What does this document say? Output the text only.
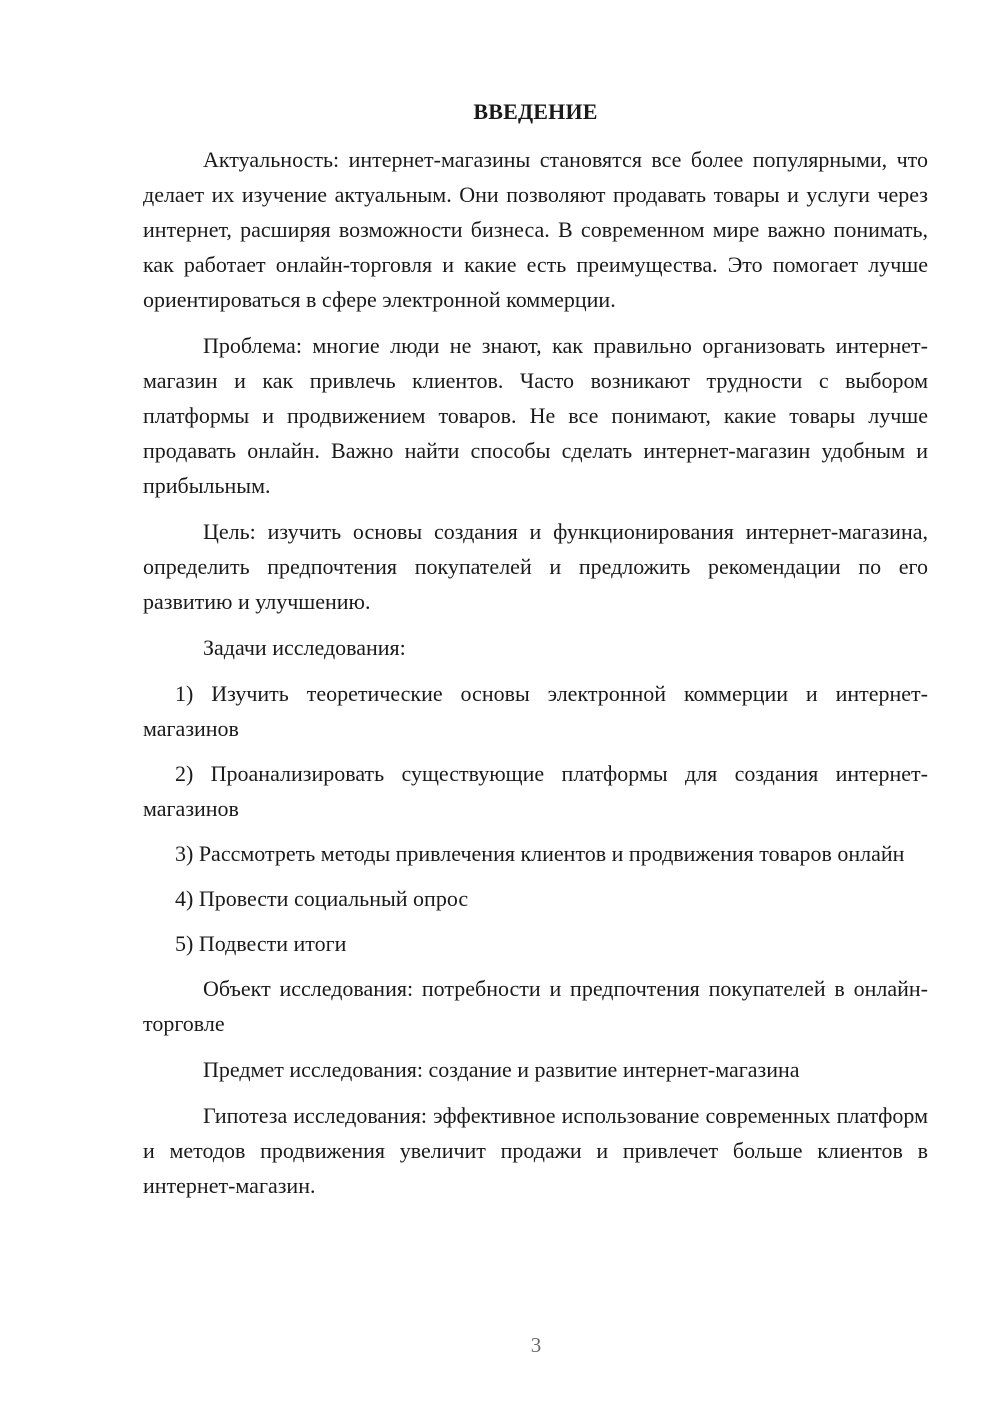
ВВЕДЕНИЕ

Актуальность: интернет-магазины становятся все более популярными, что делает их изучение актуальным. Они позволяют продавать товары и услуги через интернет, расширяя возможности бизнеса. В современном мире важно понимать, как работает онлайн-торговля и какие есть преимущества. Это помогает лучше ориентироваться в сфере электронной коммерции.

Проблема: многие люди не знают, как правильно организовать интернет-магазин и как привлечь клиентов. Часто возникают трудности с выбором платформы и продвижением товаров. Не все понимают, какие товары лучше продавать онлайн. Важно найти способы сделать интернет-магазин удобным и прибыльным.

Цель: изучить основы создания и функционирования интернет-магазина, определить предпочтения покупателей и предложить рекомендации по его развитию и улучшению.

Задачи исследования:

1) Изучить теоретические основы электронной коммерции и интернет-магазинов

2) Проанализировать существующие платформы для создания интернет-магазинов

3) Рассмотреть методы привлечения клиентов и продвижения товаров онлайн

4) Провести социальный опрос

5) Подвести итоги

Объект исследования: потребности и предпочтения покупателей в онлайн-торговле

Предмет исследования: создание и развитие интернет-магазина

Гипотеза исследования: эффективное использование современных платформ и методов продвижения увеличит продажи и привлечет больше клиентов в интернет-магазин.

3
